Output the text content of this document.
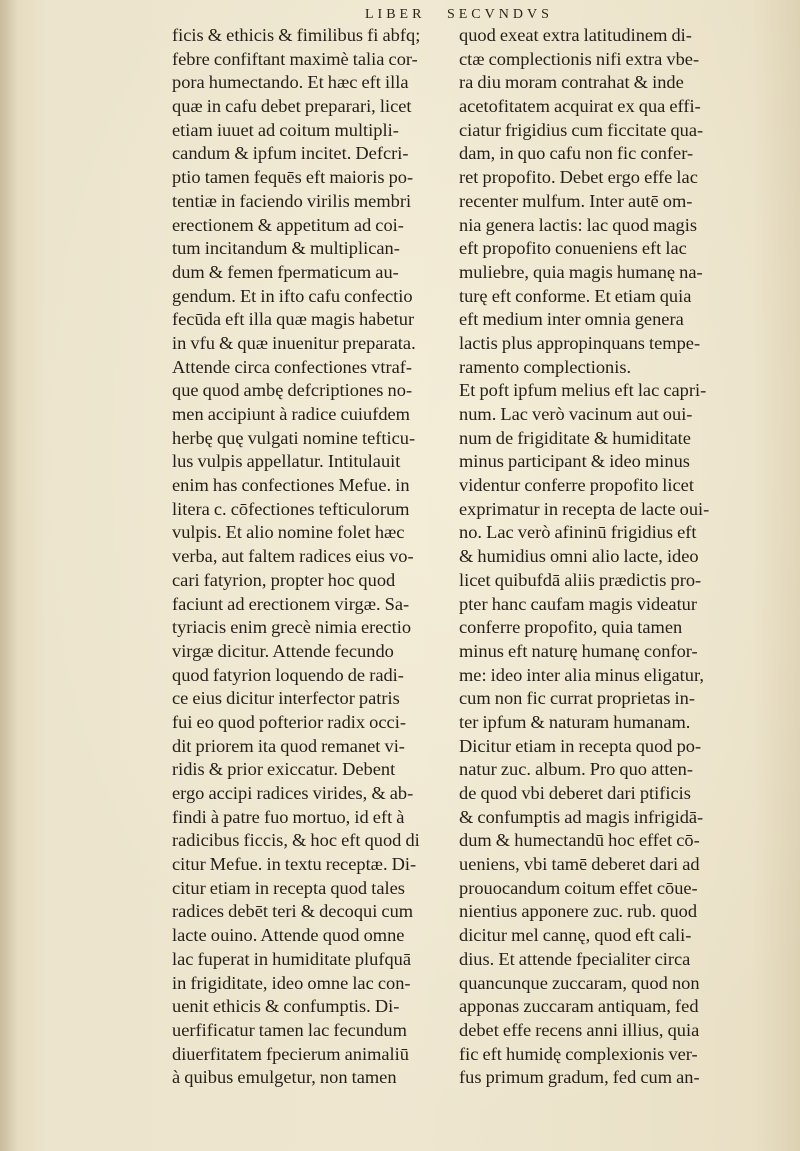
LIBER SECVNDVS
ficis & ethicis & fimilibus fi abfq;
febre confiftant maximè talia cor-
pora humectando. Et hæc eft illa
quæ in cafu debet preparari, licet
etiam iuuet ad coitum multipli-
candum & ipfum incitet. Defcri-
ptio tamen fequēs eft maioris po-
tentiæ in faciendo virilis membri
erectionem & appetitum ad coi-
tum incitandum & multiplican-
dum & femen fpermaticum au-
gendum. Et in ifto cafu confectio
fecūda eft illa quæ magis habetur
in vfu & quæ inuenitur preparata.
Attende circa confectiones vtraf-
que quod ambę defcriptiones no-
men accipiunt à radice cuiufdem
herbę quę vulgati nomine tefticu-
lus vulpis appellatur. Intitulauit
enim has confectiones Mefue. in
litera c. cōfectiones tefticulorum
vulpis. Et alio nomine folet hæc
verba, aut faltem radices eius vo-
cari fatyrion, propter hoc quod
faciunt ad erectionem virgæ. Sa-
tyriacis enim grecè nimia erectio
virgæ dicitur. Attende fecundo
quod fatyrion loquendo de radi-
ce eius dicitur interfector patris
fui eo quod pofterior radix occi-
dit priorem ita quod remanet vi-
ridis & prior exiccatur. Debent
ergo accipi radices virides, & ab-
findi à patre fuo mortuo, id eft à
radicibus ficcis, & hoc eft quod di
citur Mefue. in textu receptæ. Di-
citur etiam in recepta quod tales
radices debēt teri & decoqui cum
lacte ouino. Attende quod omne
lac fuperat in humiditate plufquā
in frigiditate, ideo omne lac con-
uenit ethicis & confumptis. Di-
uerfificatur tamen lac fecundum
diuerfitatem fpecierum animaliū
à quibus emulgetur, non tamen
quod exeat extra latitudinem di-
ctæ complectionis nifi extra vbe-
ra diu moram contrahat & inde
acetofitatem acquirat ex qua effi-
ciatur frigidius cum ficcitate qua-
dam, in quo cafu non fic confer-
ret propofito. Debet ergo effe lac
recenter mulfum. Inter autē om-
nia genera lactis: lac quod magis
eft propofito conueniens eft lac
muliebre, quia magis humanę na-
turę eft conforme. Et etiam quia
eft medium inter omnia genera
lactis plus appropinquans tempe-
ramento complectionis.
Et poft ipfum melius eft lac capri-
num. Lac verò vacinum aut oui-
num de frigiditate & humiditate
minus participant & ideo minus
videntur conferre propofito licet
exprimatur in recepta de lacte oui-
no. Lac verò afininū frigidius eft
& humidius omni alio lacte, ideo
licet quibufdā aliis prædictis pro-
pter hanc caufam magis videatur
conferre propofito, quia tamen
minus eft naturę humanę confor-
me: ideo inter alia minus eligatur,
cum non fic currat proprietas in-
ter ipfum & naturam humanam.
Dicitur etiam in recepta quod po-
natur zuc. album. Pro quo atten-
de quod vbi deberet dari ptificis
& confumptis ad magis infrigidā-
dum & humectandū hoc effet cō-
ueniens, vbi tamē deberet dari ad
prouocandum coitum effet cōue-
nientius apponere zuc. rub. quod
dicitur mel cannę, quod eft cali-
dius. Et attende fpecialiter circa
quancunque zuccaram, quod non
apponas zuccaram antiquam, fed
debet effe recens anni illius, quia
fic eft humidę complexionis ver-
fus primum gradum, fed cum an-
